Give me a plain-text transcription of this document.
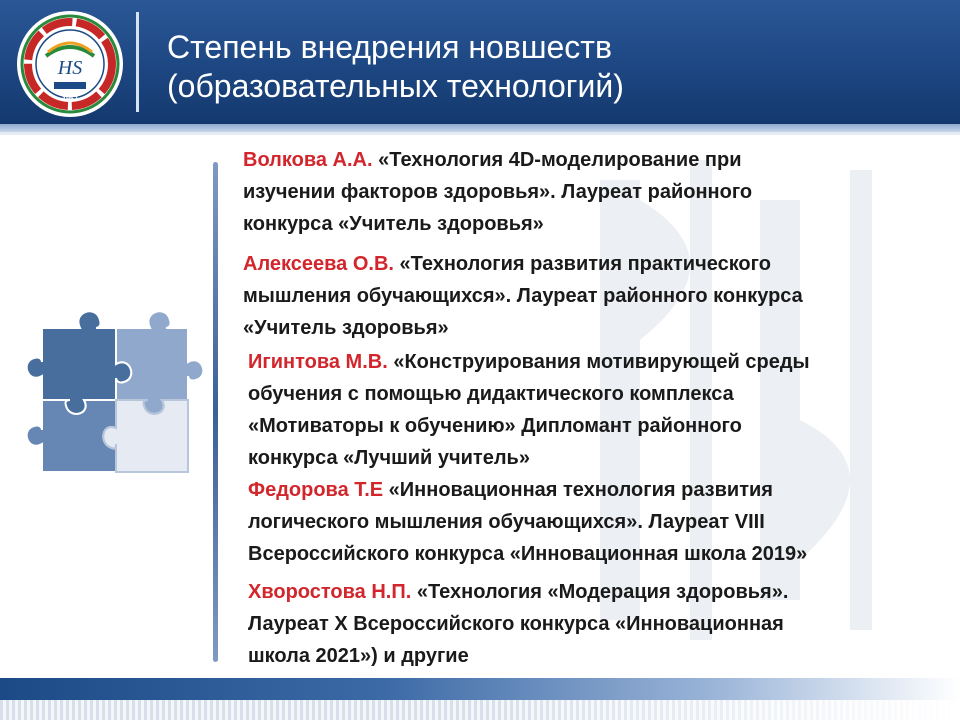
HS
1957
Степень внедрения новшеств
(образовательных технологий)
Волкова А.А. «Технология 4D-моделирование при
изучении факторов здоровья». Лауреат районного
конкурса «Учитель здоровья»
Алексеева О.В. «Технология развития практического
мышления обучающихся». Лауреат районного конкурса
«Учитель здоровья»
Игинтова М.В. «Конструирования мотивирующей среды
обучения с помощью дидактического комплекса
«Мотиваторы к обучению» Дипломант районного
конкурса «Лучший учитель»
Федорова Т.Е «Инновационная технология развития
логического мышления обучающихся». Лауреат VIII
Всероссийского конкурса «Инновационная школа 2019»
Хворостова Н.П. «Технология «Модерация здоровья».
Лауреат X Всероссийского конкурса «Инновационная
школа 2021») и другие
